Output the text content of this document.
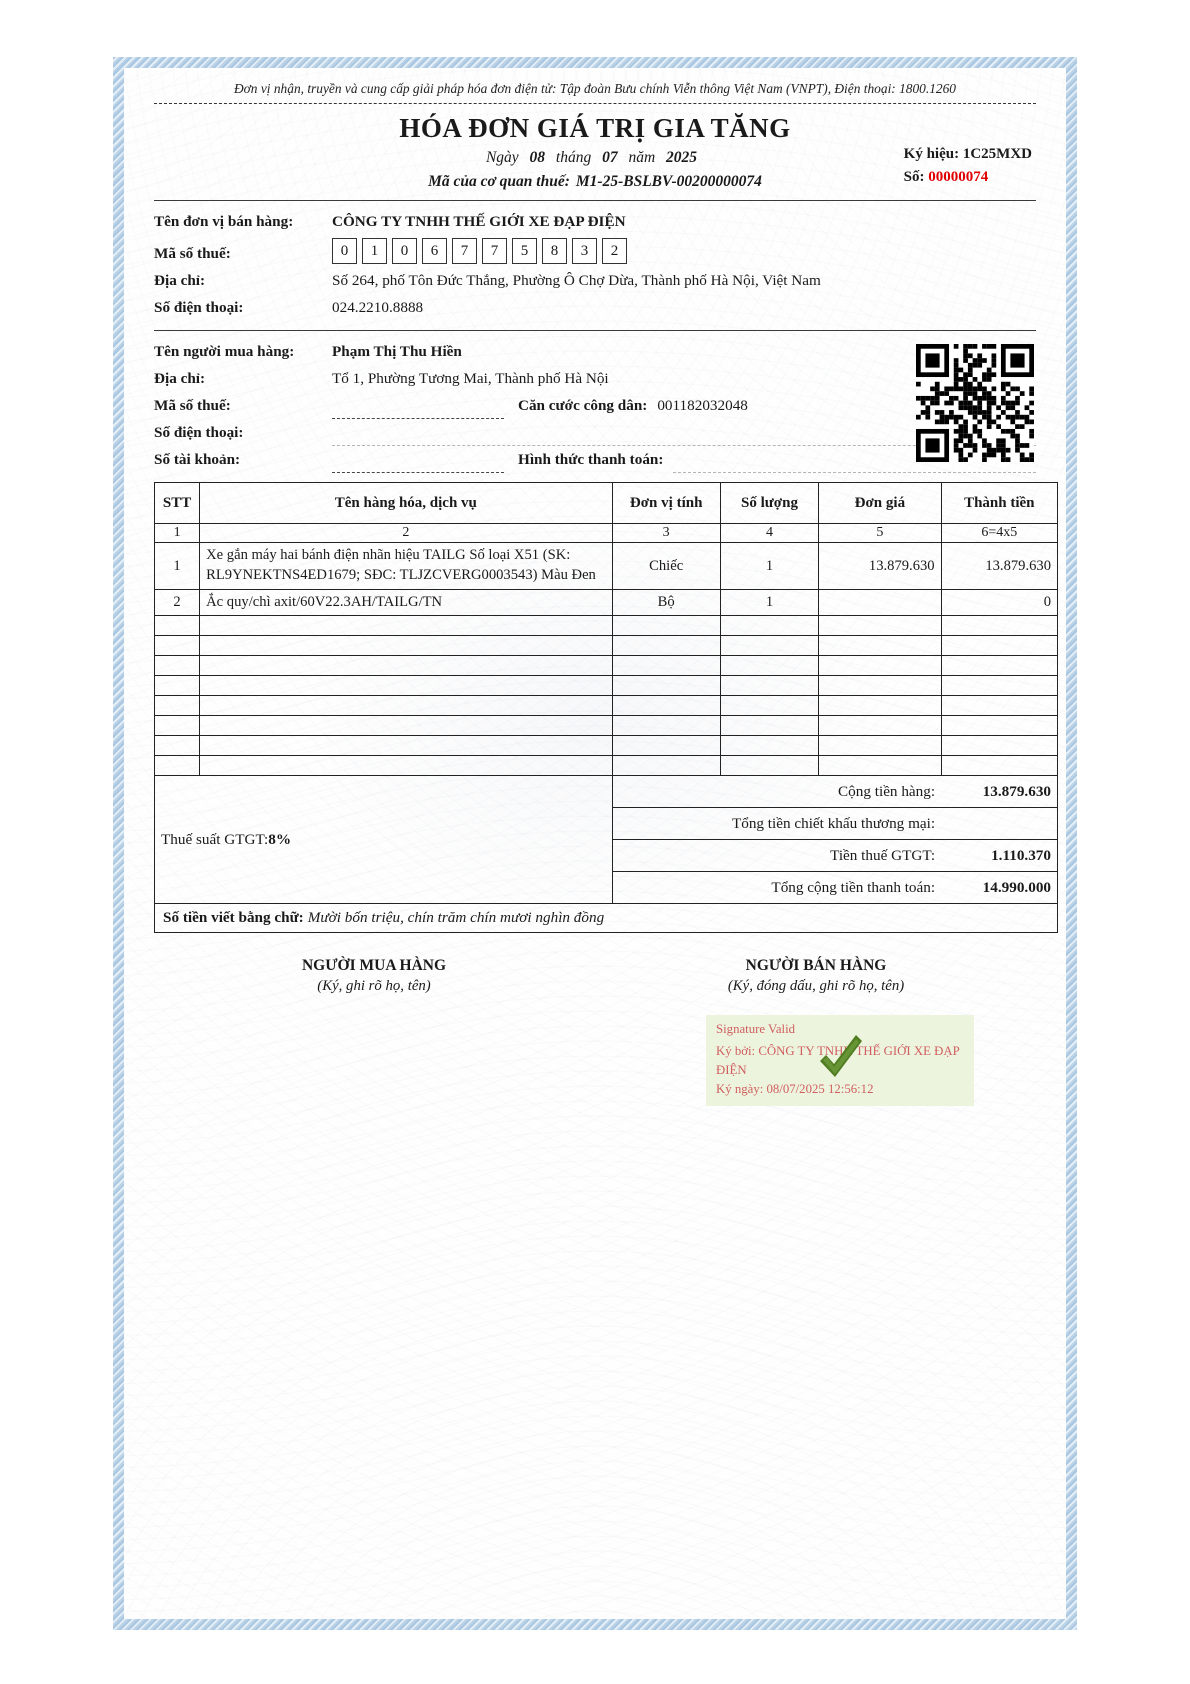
Đơn vị nhận, truyền và cung cấp giải pháp hóa đơn điện tử: Tập đoàn Bưu chính Viễn thông Việt Nam (VNPT), Điện thoại: 1800.1260
HÓA ĐƠN GIÁ TRỊ GIA TĂNG
Ngày 08 tháng 07 năm 2025
Mã của cơ quan thuế: M1-25-BSLBV-00200000074
Ký hiệu: 1C25MXD
Số: 00000074
Tên đơn vị bán hàng:	CÔNG TY TNHH THẾ GIỚI XE ĐẠP ĐIỆN
Mã số thuế:	0	1	0	6	7	7	5	8	3	2
Địa chỉ:	Số 264, phố Tôn Đức Thắng, Phường Ô Chợ Dừa, Thành phố Hà Nội, Việt Nam
Số điện thoại:	024.2210.8888
Tên người mua hàng:	Phạm Thị Thu Hiền
Địa chỉ:	Tổ 1, Phường Tương Mai, Thành phố Hà Nội
Mã số thuế:	Căn cước công dân: 001182032048
Số điện thoại:
Số tài khoản:	Hình thức thanh toán:
STT	Tên hàng hóa, dịch vụ	Đơn vị tính	Số lượng	Đơn giá	Thành tiền
1	2	3	4	5	6=4x5
1	Xe gắn máy hai bánh điện nhãn hiệu TAILG Số loại X51 (SK: RL9YNEKTNS4ED1679; SĐC: TLJZCVERG0003543) Màu Đen	Chiếc	1	13.879.630	13.879.630
2	Ắc quy/chì axit/60V22.3AH/TAILG/TN	Bộ	1		0

Thuế suất GTGT:8%		Cộng tiền hàng:			13.879.630
		Tổng tiền chiết khấu thương mại:			
		Tiền thuế GTGT:			1.110.370
		Tổng cộng tiền thanh toán:			14.990.000
Số tiền viết bằng chữ: Mười bốn triệu, chín trăm chín mươi nghìn đồng					
NGƯỜI MUA HÀNG
(Ký, ghi rõ họ, tên)
NGƯỜI BÁN HÀNG
(Ký, đóng dấu, ghi rõ họ, tên)
Signature Valid
Ký bởi: CÔNG TY TNHH THẾ GIỚI XE ĐẠP ĐIỆN
Ký ngày: 08/07/2025 12:56:12
